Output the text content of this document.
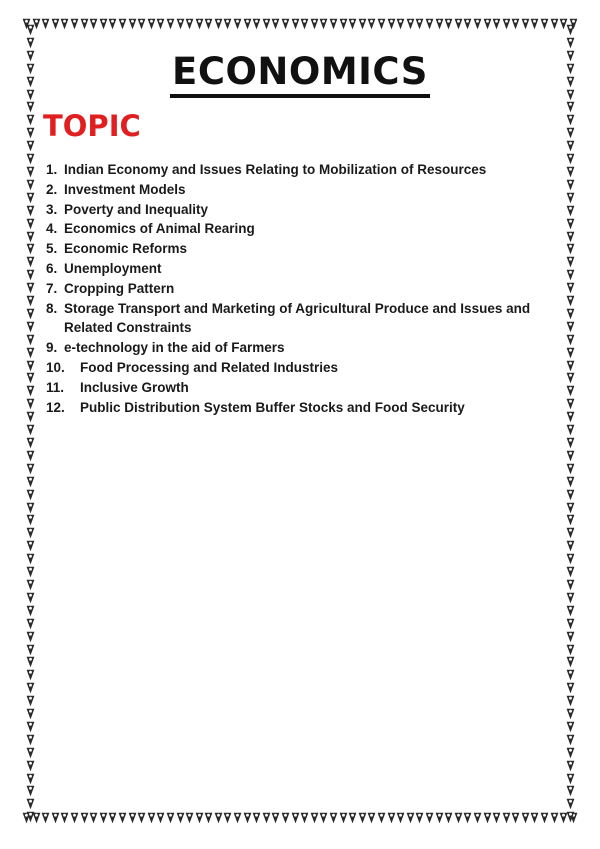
ECONOMICS
TOPIC
1. Indian Economy and Issues Relating to Mobilization of Resources
2. Investment Models
3. Poverty and Inequality
4. Economics of Animal Rearing
5. Economic Reforms
6. Unemployment
7. Cropping Pattern
8. Storage Transport and Marketing of Agricultural Produce and Issues and Related Constraints
9. e-technology in the aid of Farmers
10.	Food Processing and Related Industries
11.	Inclusive Growth
12.	Public Distribution System Buffer Stocks and Food Security
